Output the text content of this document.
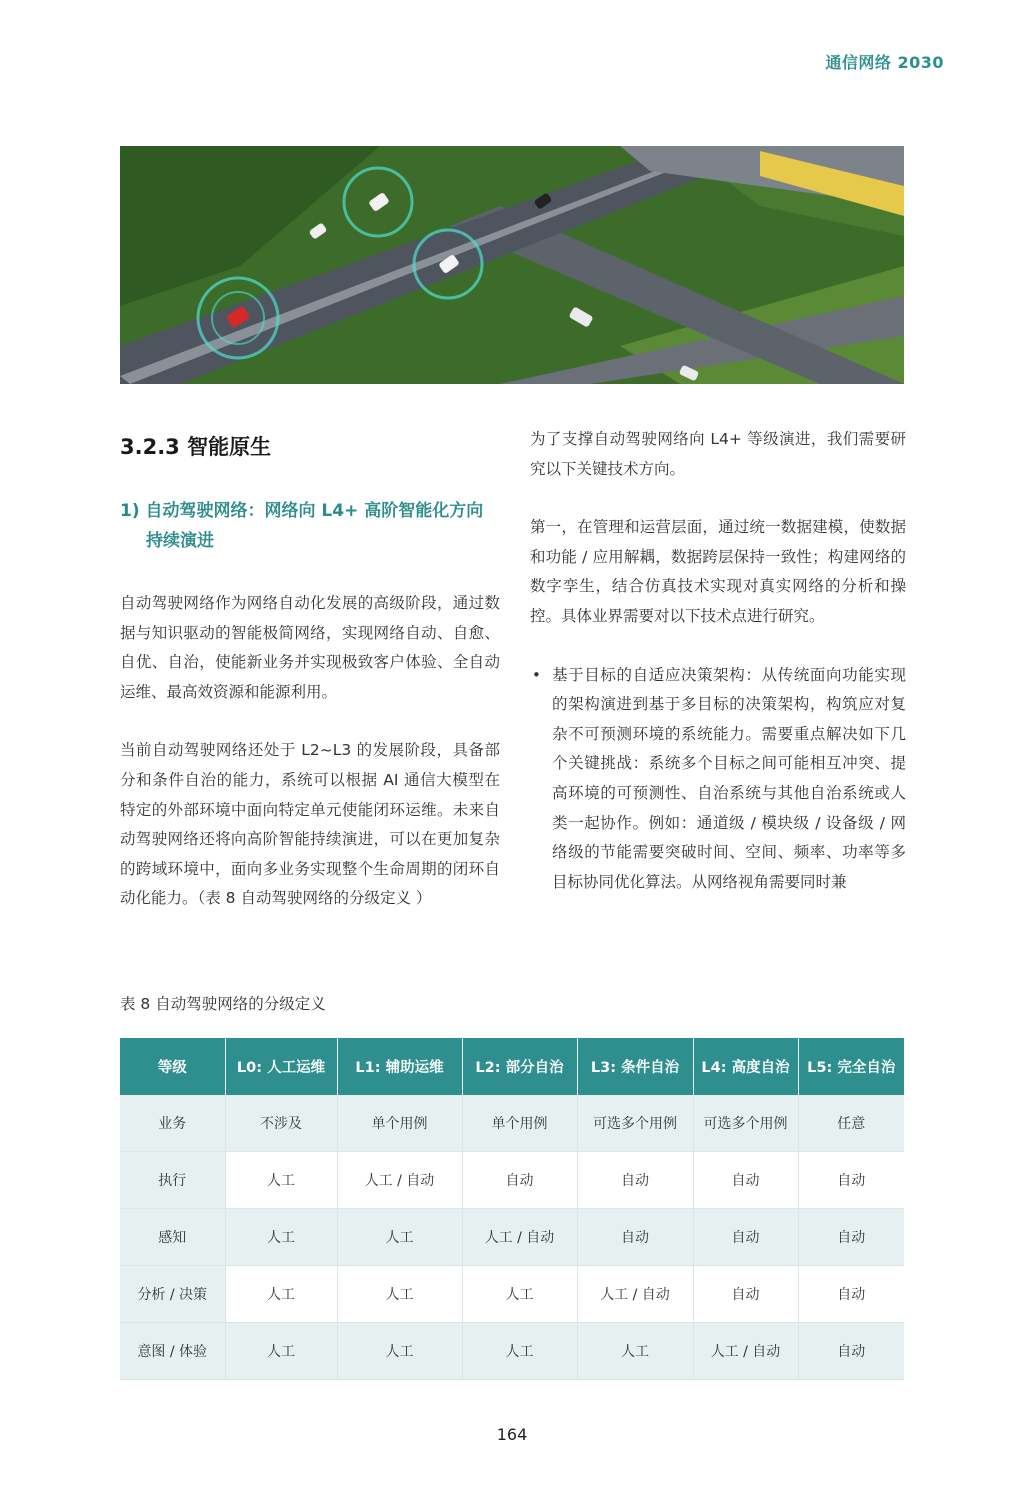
通信网络 2030
3.2.3 智能原生
1) 自动驾驶网络：网络向 L4+ 高阶智能化方向持续演进

自动驾驶网络作为网络自动化发展的高级阶段，通过数据与知识驱动的智能极简网络，实现网络自动、自愈、自优、自治，使能新业务并实现极致客户体验、全自动运维、最高效资源和能源利用。

当前自动驾驶网络还处于 L2~L3 的发展阶段，具备部分和条件自治的能力，系统可以根据 AI 通信大模型在特定的外部环境中面向特定单元使能闭环运维。未来自动驾驶网络还将向高阶智能持续演进，可以在更加复杂的跨域环境中，面向多业务实现整个生命周期的闭环自动化能力。（表 8 自动驾驶网络的分级定义 ）

为了支撑自动驾驶网络向 L4+ 等级演进，我们需要研究以下关键技术方向。

第一，在管理和运营层面，通过统一数据建模，使数据和功能 / 应用解耦，数据跨层保持一致性；构建网络的数字孪生，结合仿真技术实现对真实网络的分析和操控。具体业界需要对以下技术点进行研究。

• 基于目标的自适应决策架构：从传统面向功能实现的架构演进到基于多目标的决策架构，构筑应对复杂不可预测环境的系统能力。需要重点解决如下几个关键挑战：系统多个目标之间可能相互冲突、提高环境的可预测性、自治系统与其他自治系统或人类一起协作。例如：通道级 / 模块级 / 设备级 / 网络级的节能需要突破时间、空间、频率、功率等多目标协同优化算法。从网络视角需要同时兼

表 8 自动驾驶网络的分级定义
等级	L0: 人工运维	L1: 辅助运维	L2: 部分自治	L3: 条件自治	L4: 高度自治	L5: 完全自治
业务	不涉及	单个用例	单个用例	可选多个用例	可选多个用例	任意
执行	人工	人工 / 自动	自动	自动	自动	自动
感知	人工	人工	人工 / 自动	自动	自动	自动
分析 / 决策	人工	人工	人工	人工 / 自动	自动	自动
意图 / 体验	人工	人工	人工	人工	人工 / 自动	自动
164
